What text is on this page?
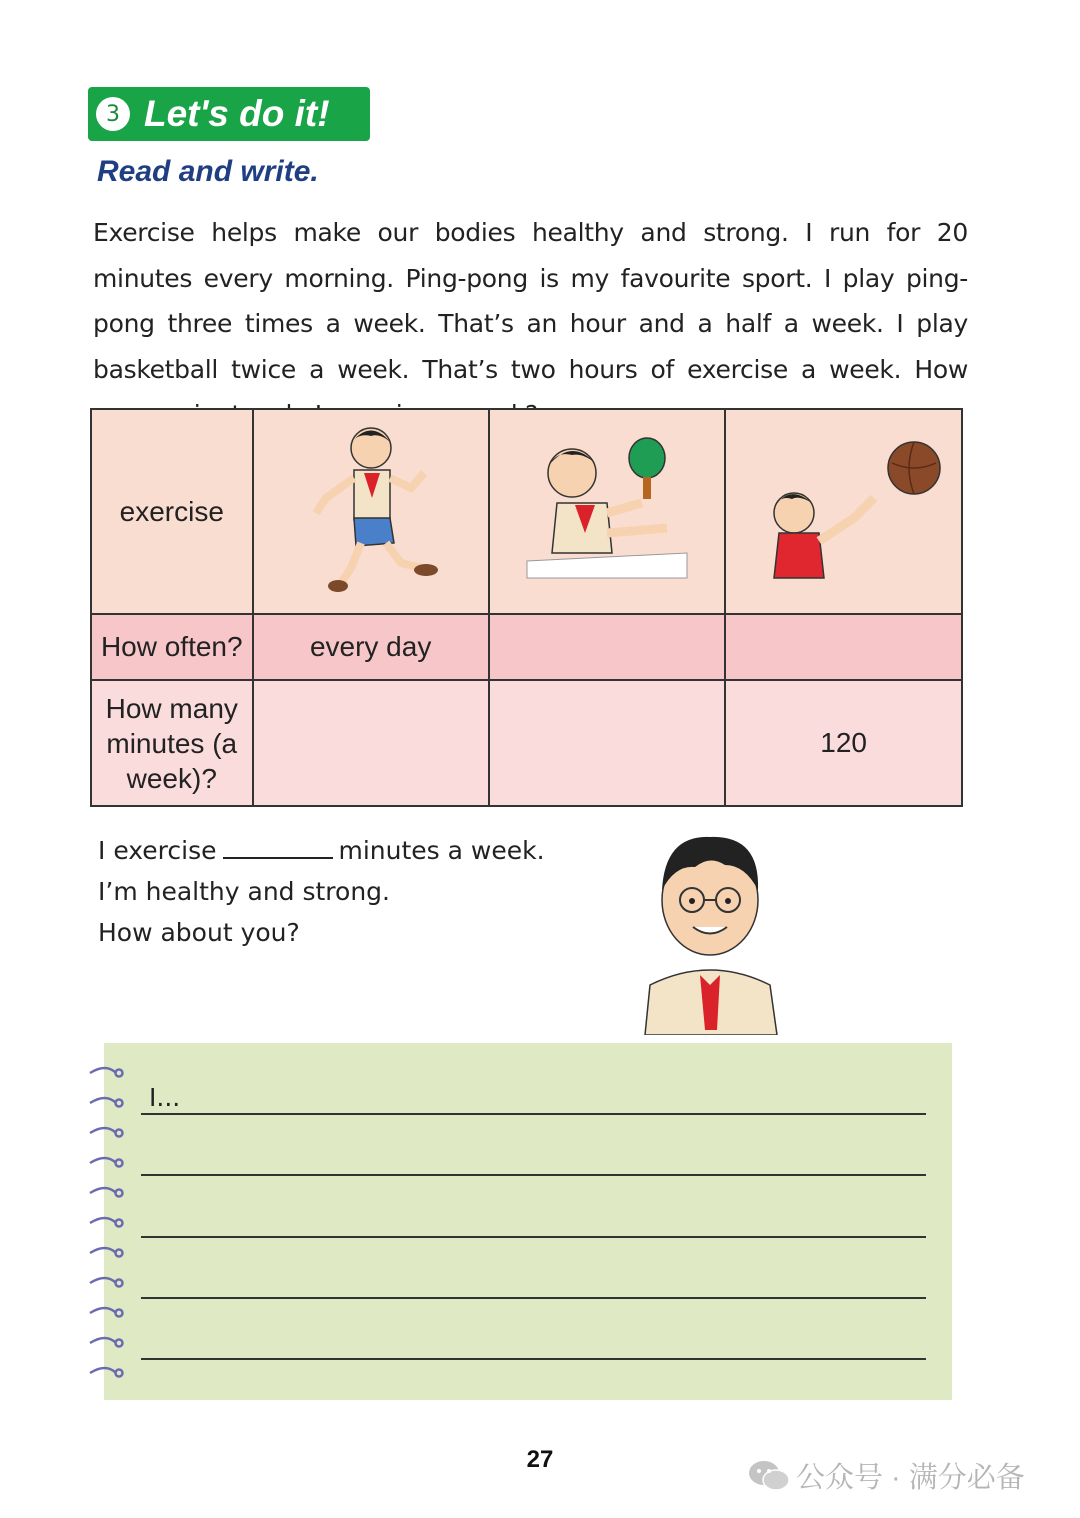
3 Let's do it!
Read and write.
Exercise helps make our bodies healthy and strong. I run for 20 minutes every morning. Ping-pong is my favourite sport. I play ping-pong three times a week. That’s an hour and a half a week. I play basketball twice a week. That’s two hours of exercise a week. How
exercise			
How often?	every day		
How many minutes (a week)?			120
I exercise	minutes a week.
I’m healthy and strong.
How about you?
I...
27
公众号 · 满分必备
